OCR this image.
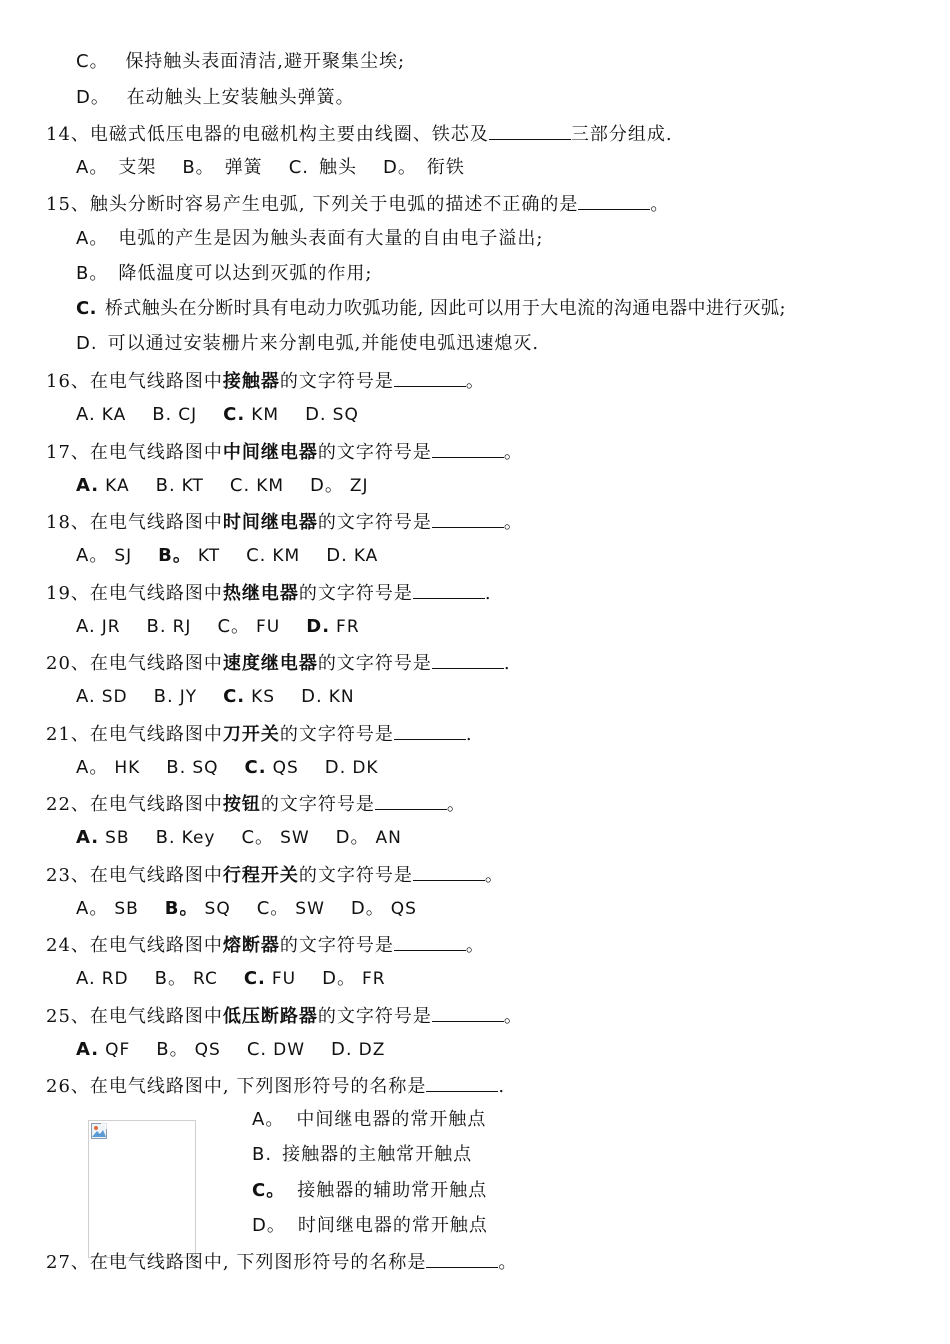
C。 保持触头表面清洁,避开聚集尘埃;
D。 在动触头上安装触头弹簧。
14、电磁式低压电器的电磁机构主要由线圈、铁芯及	三部分组成.
A。 支架 B。 弹簧 C. 触头 D。 衔铁
15、触头分断时容易产生电弧, 下列关于电弧的描述不正确的是	。
A。 电弧的产生是因为触头表面有大量的自由电子溢出;
B。 降低温度可以达到灭弧的作用;
C. 桥式触头在分断时具有电动力吹弧功能, 因此可以用于大电流的沟通电器中进行灭弧;
D. 可以通过安装栅片来分割电弧,并能使电弧迅速熄灭.
16、在电气线路图中接触器的文字符号是	。
A. KA B. CJ C. KM D. SQ
17、在电气线路图中中间继电器的文字符号是	。
A. KA B. KT C. KM D。 ZJ
18、在电气线路图中时间继电器的文字符号是	。
A。 SJ B。 KT C. KM D. KA
19、在电气线路图中热继电器的文字符号是	.
A. JR B. RJ C。 FU D. FR
20、在电气线路图中速度继电器的文字符号是	.
A. SD B. JY C. KS D. KN
21、在电气线路图中刀开关的文字符号是	.
A。 HK B. SQ C. QS D. DK
22、在电气线路图中按钮的文字符号是	。
A. SB B. Key C。 SW D。 AN
23、在电气线路图中行程开关的文字符号是	。
A。 SB B。 SQ C。 SW D。 QS
24、在电气线路图中熔断器的文字符号是	。
A. RD B。 RC C. FU D。 FR
25、在电气线路图中低压断路器的文字符号是	。
A. QF B。 QS C. DW D. DZ
26、在电气线路图中, 下列图形符号的名称是	.
A。 中间继电器的常开触点
B. 接触器的主触常开触点
C。 接触器的辅助常开触点
D。 时间继电器的常开触点
27、在电气线路图中, 下列图形符号的名称是	。
